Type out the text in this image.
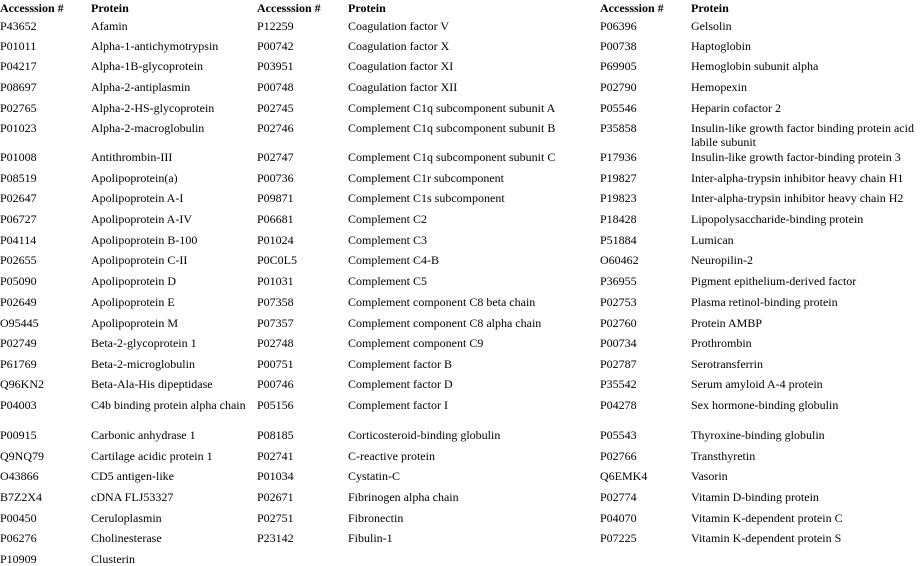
Accesssion # Protein
P43652	Afamin
P01011	Alpha-1-antichymotrypsin
P04217	Alpha-1B-glycoprotein
P08697	Alpha-2-antiplasmin
P02765	Alpha-2-HS-glycoprotein
P01023	Alpha-2-macroglobulin
P01008	Antithrombin-III
P08519	Apolipoprotein(a)
P02647	Apolipoprotein A-I
P06727	Apolipoprotein A-IV
P04114	Apolipoprotein B-100
P02655	Apolipoprotein C-II
P05090	Apolipoprotein D
P02649	Apolipoprotein E
O95445	Apolipoprotein M
P02749	Beta-2-glycoprotein 1
P61769	Beta-2-microglobulin
Q96KN2	Beta-Ala-His dipeptidase
P04003	C4b binding protein alpha chain
P00915	Carbonic anhydrase 1
Q9NQ79	Cartilage acidic protein 1
O43866	CD5 antigen-like
B7Z2X4	cDNA FLJ53327
P00450	Ceruloplasmin
P06276	Cholinesterase
P10909	Clusterin
Accesssion # Protein
P12259	Coagulation factor V
P00742	Coagulation factor X
P03951	Coagulation factor XI
P00748	Coagulation factor XII
P02745	Complement C1q subcomponent subunit A
P02746	Complement C1q subcomponent subunit B
P02747	Complement C1q subcomponent subunit C
P00736	Complement C1r subcomponent
P09871	Complement C1s subcomponent
P06681	Complement C2
P01024	Complement C3
P0C0L5	Complement C4-B
P01031	Complement C5
P07358	Complement component C8 beta chain
P07357	Complement component C8 alpha chain
P02748	Complement component C9
P00751	Complement factor B
P00746	Complement factor D
P05156	Complement factor I
P08185	Corticosteroid-binding globulin
P02741	C-reactive protein
P01034	Cystatin-C
P02671	Fibrinogen alpha chain
P02751	Fibronectin
P23142	Fibulin-1
Accesssion # Protein
P06396	Gelsolin
P00738	Haptoglobin
P69905	Hemoglobin subunit alpha
P02790	Hemopexin
P05546	Heparin cofactor 2
P35858	Insulin-like growth factor binding protein acid labile subunit
P17936	Insulin-like growth factor-binding protein 3
P19827	Inter-alpha-trypsin inhibitor heavy chain H1
P19823	Inter-alpha-trypsin inhibitor heavy chain H2
P18428	Lipopolysaccharide-binding protein
P51884	Lumican
O60462	Neuropilin-2
P36955	Pigment epithelium-derived factor
P02753	Plasma retinol-binding protein
P02760	Protein AMBP
P00734	Prothrombin
P02787	Serotransferrin
P35542	Serum amyloid A-4 protein
P04278	Sex hormone-binding globulin
P05543	Thyroxine-binding globulin
P02766	Transthyretin
Q6EMK4	Vasorin
P02774	Vitamin D-binding protein
P04070	Vitamin K-dependent protein C
P07225	Vitamin K-dependent protein S
